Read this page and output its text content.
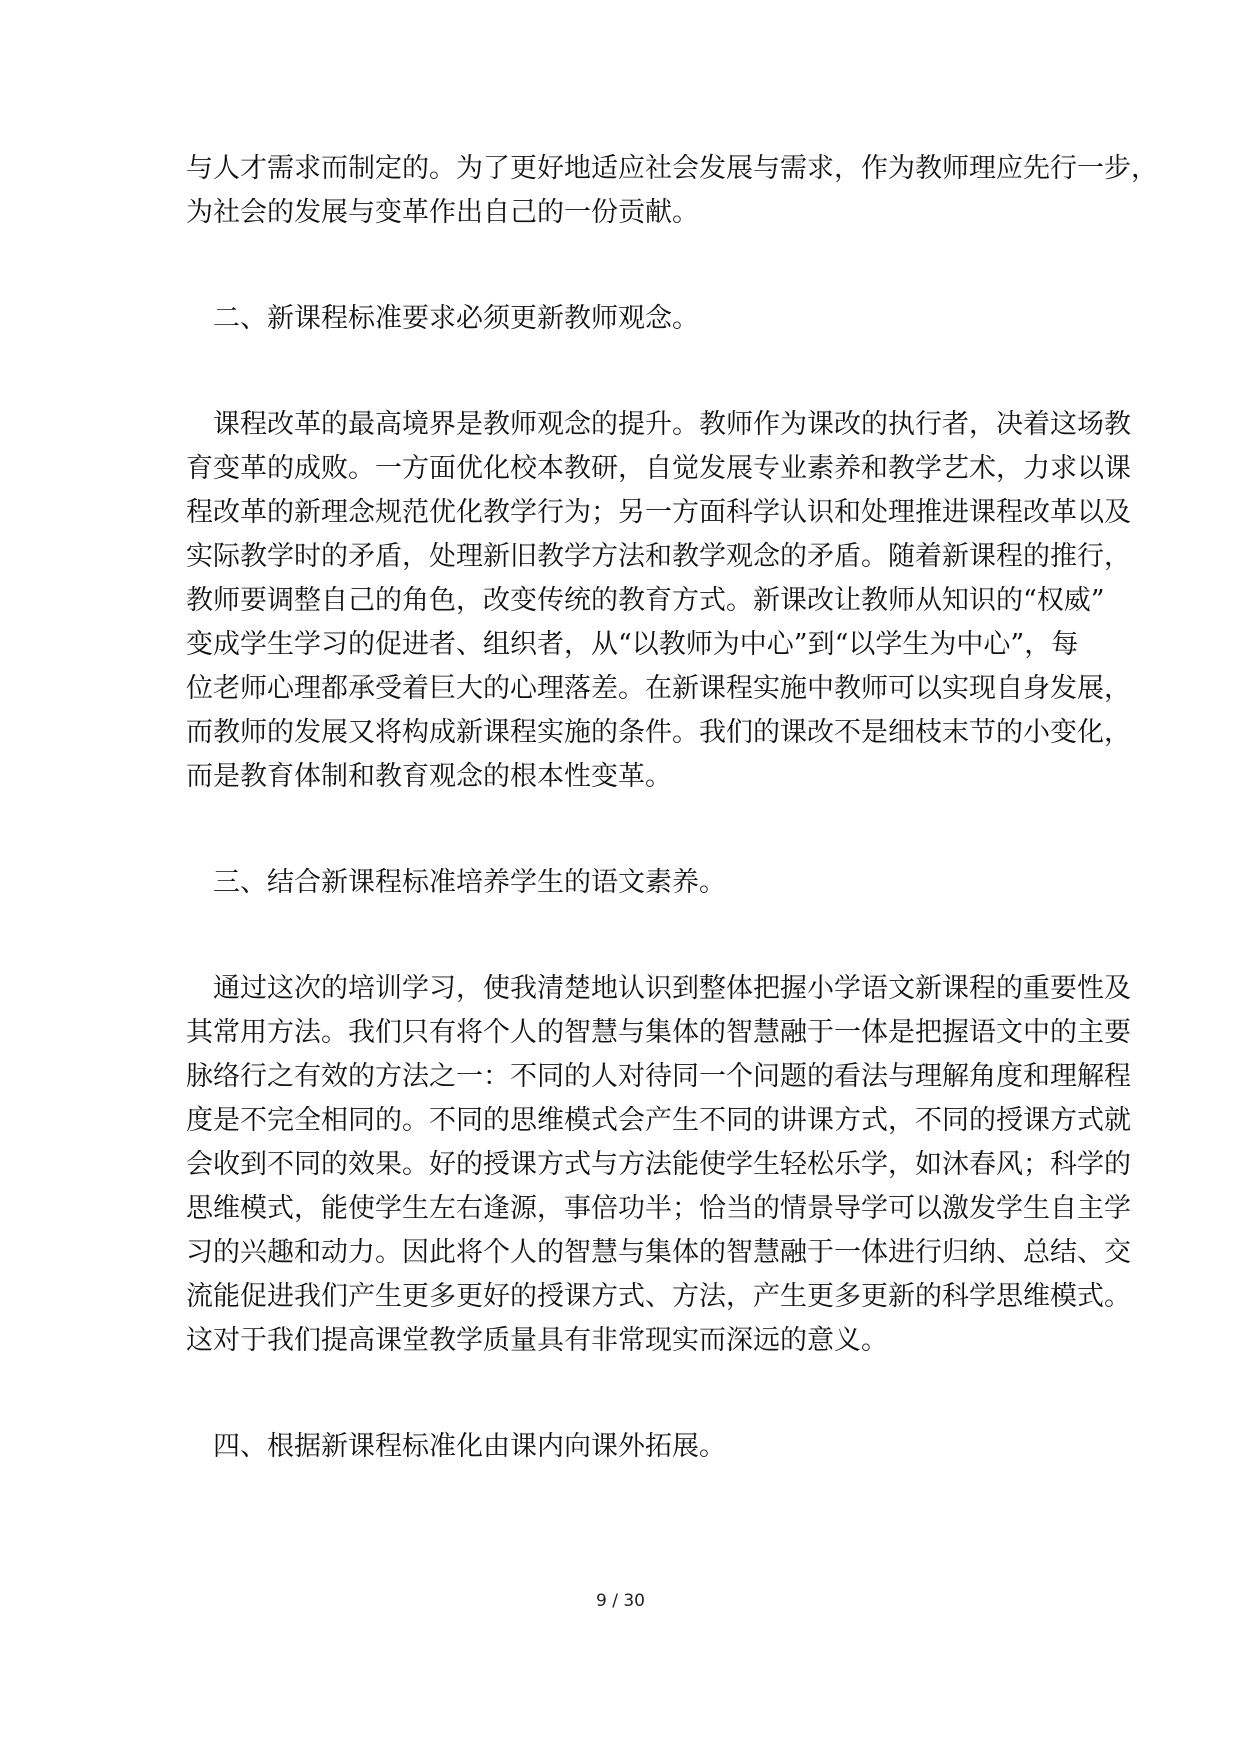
与人才需求而制定的。为了更好地适应社会发展与需求，作为教师理应先行一步，
为社会的发展与变革作出自己的一份贡献。
二、新课程标准要求必须更新教师观念。
课程改革的最高境界是教师观念的提升。教师作为课改的执行者，决着这场教
育变革的成败。一方面优化校本教研，自觉发展专业素养和教学艺术，力求以课
程改革的新理念规范优化教学行为；另一方面科学认识和处理推进课程改革以及
实际教学时的矛盾，处理新旧教学方法和教学观念的矛盾。随着新课程的推行，
教师要调整自己的角色，改变传统的教育方式。新课改让教师从知识的“权威”
变成学生学习的促进者、组织者，从“以教师为中心”到“以学生为中心”，每
位老师心理都承受着巨大的心理落差。在新课程实施中教师可以实现自身发展，
而教师的发展又将构成新课程实施的条件。我们的课改不是细枝末节的小变化，
而是教育体制和教育观念的根本性变革。
三、结合新课程标准培养学生的语文素养。
通过这次的培训学习，使我清楚地认识到整体把握小学语文新课程的重要性及
其常用方法。我们只有将个人的智慧与集体的智慧融于一体是把握语文中的主要
脉络行之有效的方法之一：不同的人对待同一个问题的看法与理解角度和理解程
度是不完全相同的。不同的思维模式会产生不同的讲课方式，不同的授课方式就
会收到不同的效果。好的授课方式与方法能使学生轻松乐学，如沐春风；科学的
思维模式，能使学生左右逢源，事倍功半；恰当的情景导学可以激发学生自主学
习的兴趣和动力。因此将个人的智慧与集体的智慧融于一体进行归纳、总结、交
流能促进我们产生更多更好的授课方式、方法，产生更多更新的科学思维模式。
这对于我们提高课堂教学质量具有非常现实而深远的意义。
四、根据新课程标准化由课内向课外拓展。
9 / 30
